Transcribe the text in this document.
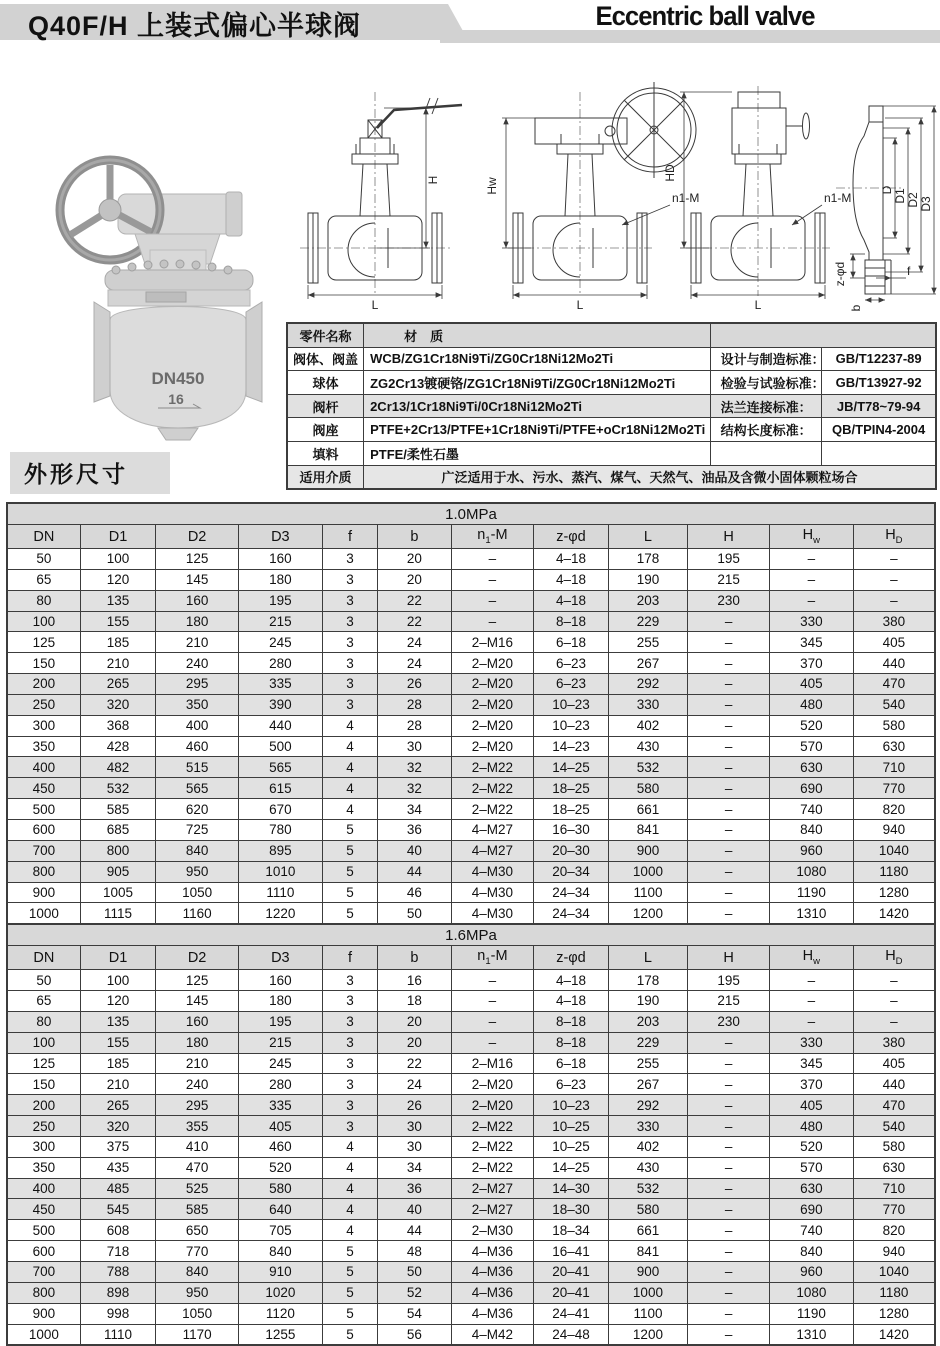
Q40F/H 上装式偏心半球阀	Eccentric ball valve
DN450
16
H
L
Hw
n1-M
L
HD
n1-M
L
D D1 D2 D3
z-φd	f
b
零件名称	材　质		
阀体、阀盖	WCB/ZG1Cr18Ni9Ti/ZG0Cr18Ni12Mo2Ti	设计与制造标准：	GB/T12237-89
球体	ZG2Cr13镀硬铬/ZG1Cr18Ni9Ti/ZG0Cr18Ni12Mo2Ti	检验与试验标准：	GB/T13927-92
阀杆	2Cr13/1Cr18Ni9Ti/0Cr18Ni12Mo2Ti	法兰连接标准：	JB/T78~79-94
阀座	PTFE+2Cr13/PTFE+1Cr18Ni9Ti/PTFE+oCr18Ni12Mo2Ti	结构长度标准：	QB/TPIN4-2004
填料	PTFE/柔性石墨		
适用介质	广泛适用于水、污水、蒸汽、煤气、天然气、油品及含微小固体颗粒场合		
外形尺寸
1.0MPa											
DN	D1	D2	D3	f	b	$n_1-M$	z-φd	L	H	$H_w$	$H_D$
50	100	125	160	3	20	–	4–18	178	195	–	–
65	120	145	180	3	20	–	4–18	190	215	–	–
80	135	160	195	3	22	–	4–18	203	230	–	–
100	155	180	215	3	22	–	8–18	229	–	330	380
125	185	210	245	3	24	2–M16	6–18	255	–	345	405
150	210	240	280	3	24	2–M20	6–23	267	–	370	440
200	265	295	335	3	26	2–M20	6–23	292	–	405	470
250	320	350	390	3	28	2–M20	10–23	330	–	480	540
300	368	400	440	4	28	2–M20	10–23	402	–	520	580
350	428	460	500	4	30	2–M20	14–23	430	–	570	630
400	482	515	565	4	32	2–M22	14–25	532	–	630	710
450	532	565	615	4	32	2–M22	18–25	580	–	690	770
500	585	620	670	4	34	2–M22	18–25	661	–	740	820
600	685	725	780	5	36	4–M27	16–30	841	–	840	940
700	800	840	895	5	40	4–M27	20–30	900	–	960	1040
800	905	950	1010	5	44	4–M30	20–34	1000	–	1080	1180
900	1005	1050	1110	5	46	4–M30	24–34	1100	–	1190	1280
1000	1115	1160	1220	5	50	4–M30	24–34	1200	–	1310	1420
1.6MPa											
DN	D1	D2	D3	f	b	$n_1-M$	z-φd	L	H	$H_w$	$H_D$
50	100	125	160	3	16	–	4–18	178	195	–	–
65	120	145	180	3	18	–	4–18	190	215	–	–
80	135	160	195	3	20	–	8–18	203	230	–	–
100	155	180	215	3	20	–	8–18	229	–	330	380
125	185	210	245	3	22	2–M16	6–18	255	–	345	405
150	210	240	280	3	24	2–M20	6–23	267	–	370	440
200	265	295	335	3	26	2–M20	10–23	292	–	405	470
250	320	355	405	3	30	2–M22	10–25	330	–	480	540
300	375	410	460	4	30	2–M22	10–25	402	–	520	580
350	435	470	520	4	34	2–M22	14–25	430	–	570	630
400	485	525	580	4	36	2–M27	14–30	532	–	630	710
450	545	585	640	4	40	2–M27	18–30	580	–	690	770
500	608	650	705	4	44	2–M30	18–34	661	–	740	820
600	718	770	840	5	48	4–M36	16–41	841	–	840	940
700	788	840	910	5	50	4–M36	20–41	900	–	960	1040
800	898	950	1020	5	52	4–M36	20–41	1000	–	1080	1180
900	998	1050	1120	5	54	4–M36	24–41	1100	–	1190	1280
1000	1110	1170	1255	5	56	4–M42	24–48	1200	–	1310	1420
